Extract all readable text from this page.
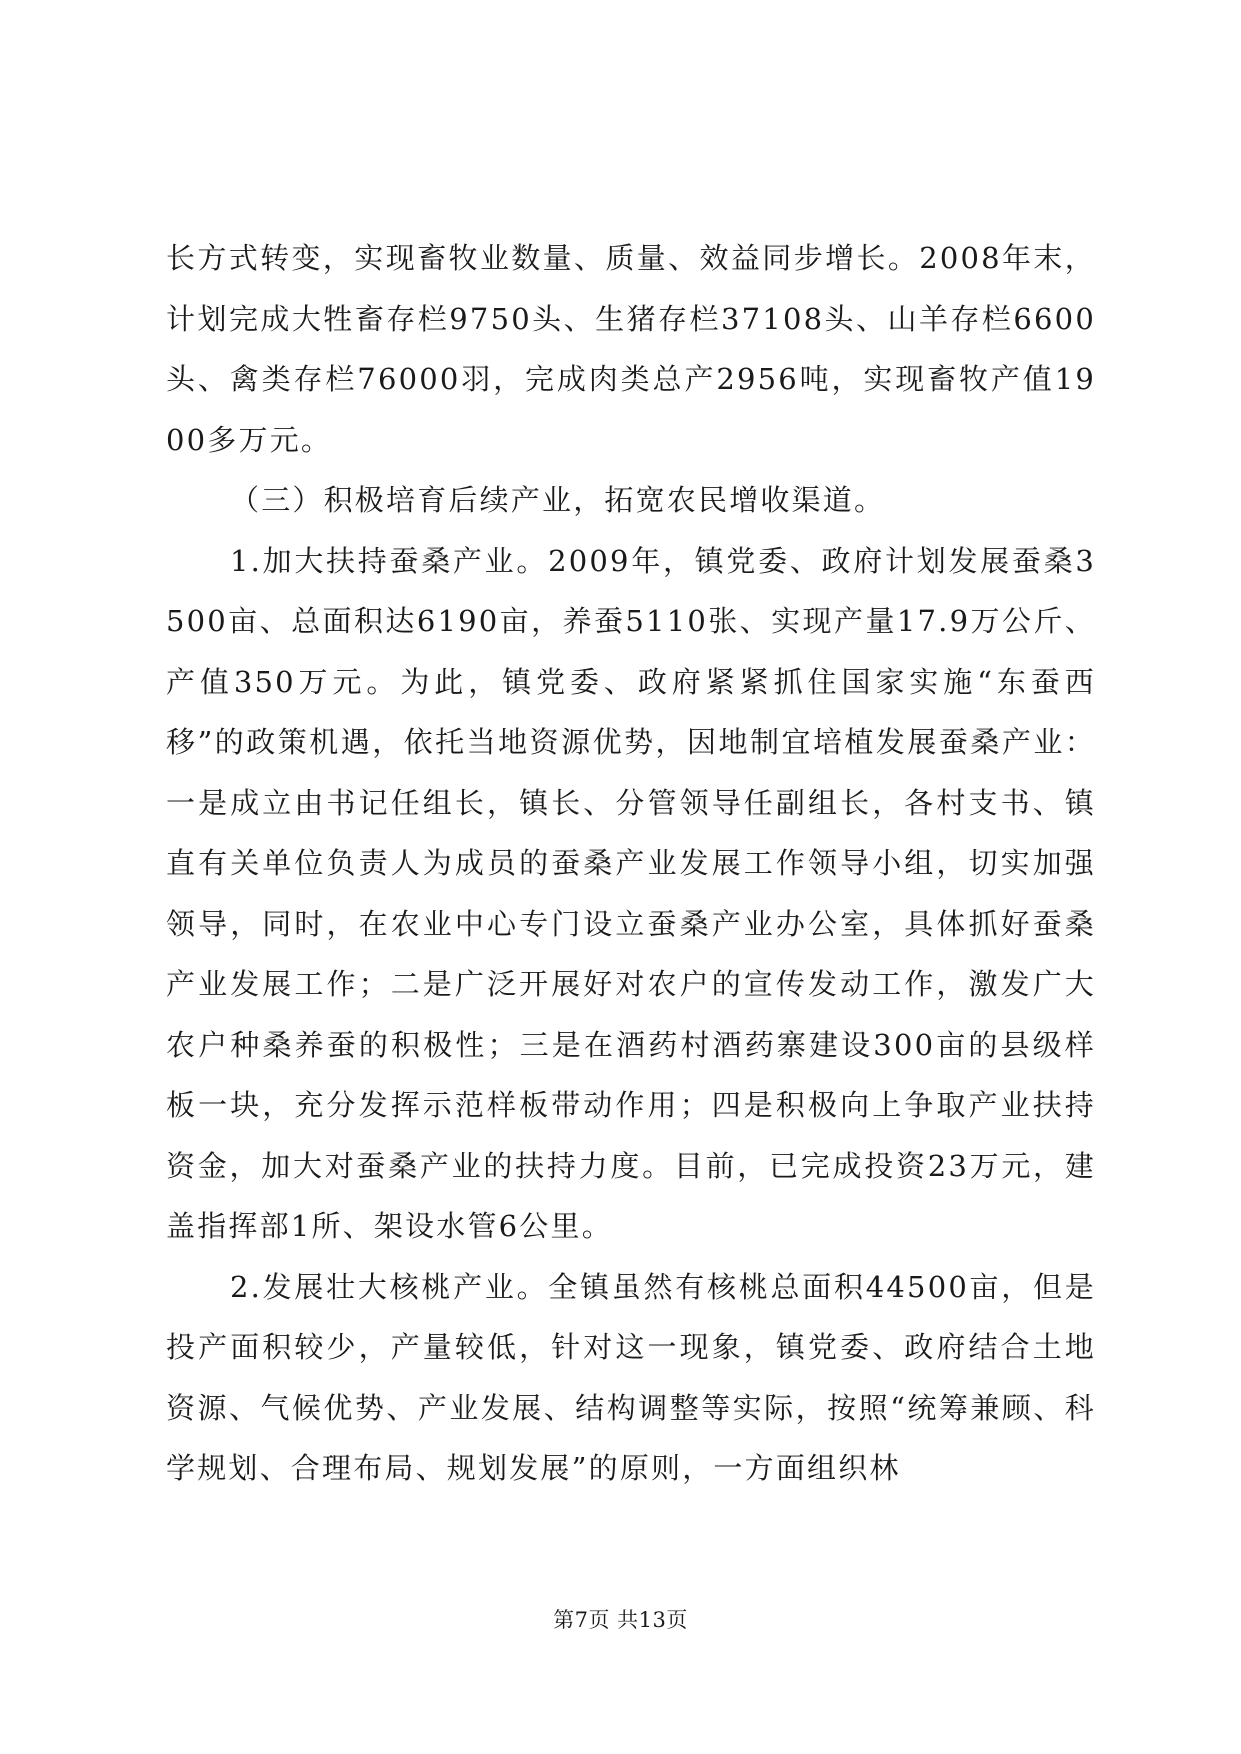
长方式转变，实现畜牧业数量、质量、效益同步增长。2008年末，计划完成大牲畜存栏9750头、生猪存栏37108头、山羊存栏6600头、禽类存栏76000羽，完成肉类总产2956吨，实现畜牧产值1900多万元。

（三）积极培育后续产业，拓宽农民增收渠道。

1.加大扶持蚕桑产业。2009年，镇党委、政府计划发展蚕桑3500亩、总面积达6190亩，养蚕5110张、实现产量17.9万公斤、产值350万元。为此，镇党委、政府紧紧抓住国家实施“东蚕西移”的政策机遇，依托当地资源优势，因地制宜培植发展蚕桑产业：一是成立由书记任组长，镇长、分管领导任副组长，各村支书、镇直有关单位负责人为成员的蚕桑产业发展工作领导小组，切实加强领导，同时，在农业中心专门设立蚕桑产业办公室，具体抓好蚕桑产业发展工作；二是广泛开展好对农户的宣传发动工作，激发广大农户种桑养蚕的积极性；三是在酒药村酒药寨建设300亩的县级样板一块，充分发挥示范样板带动作用；四是积极向上争取产业扶持资金，加大对蚕桑产业的扶持力度。目前，已完成投资23万元，建盖指挥部1所、架设水管6公里。

2.发展壮大核桃产业。全镇虽然有核桃总面积44500亩，但是投产面积较少，产量较低，针对这一现象，镇党委、政府结合土地资源、气候优势、产业发展、结构调整等实际，按照“统筹兼顾、科学规划、合理布局、规划发展”的原则，一方面组织林

第7页 共13页
